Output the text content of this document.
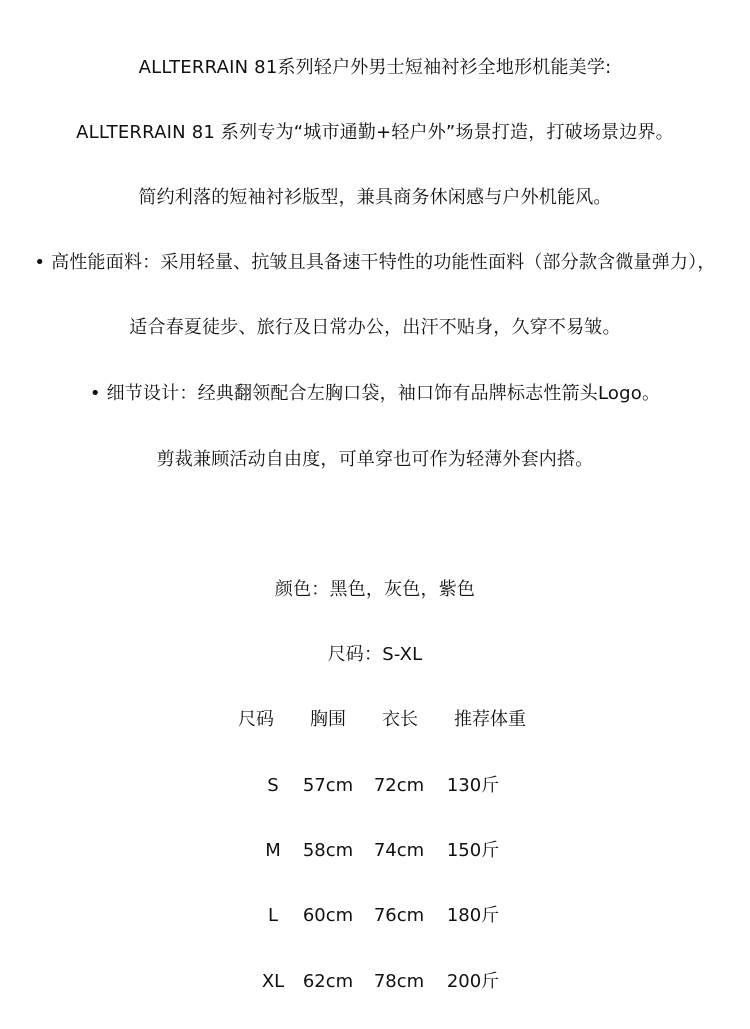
ALLTERRAIN 81系列轻户外男士短袖衬衫全地形机能美学:
ALLTERRAIN 81 系列专为“城市通勤+轻户外”场景打造，打破场景边界。
简约利落的短袖衬衫版型，兼具商务休闲感与户外机能风。
• 高性能面料：采用轻量、抗皱且具备速干特性的功能性面料（部分款含微量弹力），
适合春夏徒步、旅行及日常办公，出汗不贴身，久穿不易皱。
• 细节设计：经典翻领配合左胸口袋，袖口饰有品牌标志性箭头Logo。
剪裁兼顾活动自由度，可单穿也可作为轻薄外套内搭。
颜色：黑色，灰色，紫色
尺码：S-XL
尺码 胸围 衣长 推荐体重
S 57cm 72cm 130斤
M 58cm 74cm 150斤
L 60cm 76cm 180斤
XL 62cm 78cm 200斤
